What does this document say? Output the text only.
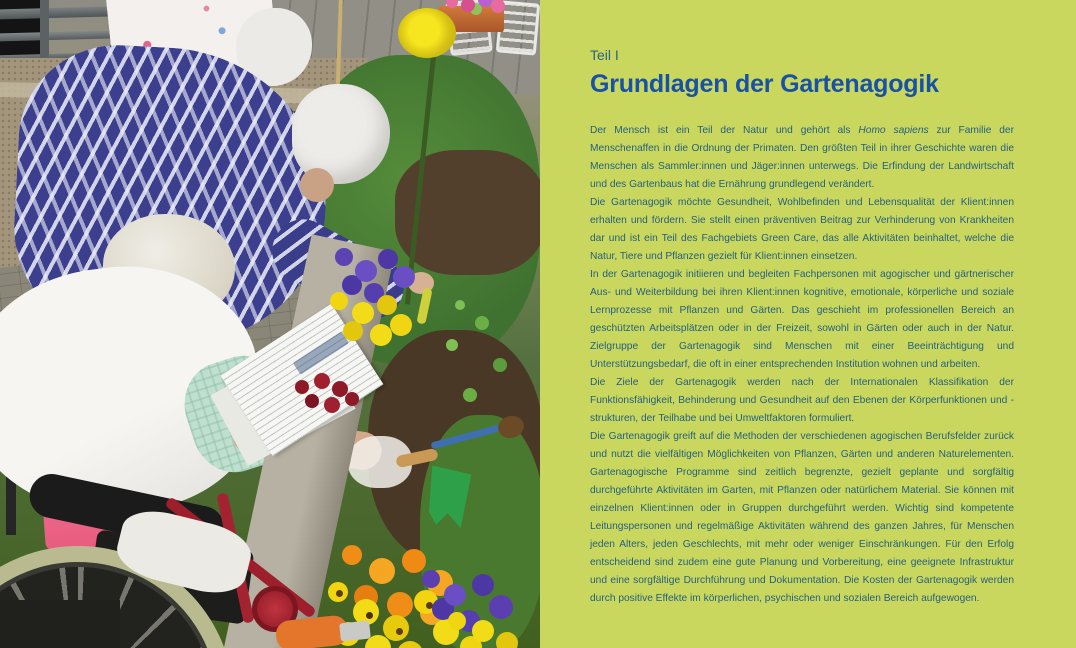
♥♥ ♥♥♥
Teil I
Grundlagen der Gartenagogik

Der Mensch ist ein Teil der Natur und gehört als Homo sapiens zur Familie der Menschenaffen in die Ordnung der Primaten. Den größten Teil in ihrer Geschichte waren die Menschen als Sammler:innen und Jäger:innen unterwegs. Die Erfindung der Landwirtschaft und des Gartenbaus hat die Ernährung grundlegend verändert.

Die Gartenagogik möchte Gesundheit, Wohlbefinden und Lebensqualität der Klient:innen erhalten und fördern. Sie stellt einen präventiven Beitrag zur Verhinderung von Krankheiten dar und ist ein Teil des Fachgebiets Green Care, das alle Aktivitäten beinhaltet, welche die Natur, Tiere und Pflanzen gezielt für Klient:innen einsetzen.

In der Gartenagogik initiieren und begleiten Fachpersonen mit agogischer und gärtnerischer Aus- und Weiterbildung bei ihren Klient:innen kognitive, emotionale, körperliche und soziale Lernprozesse mit Pflanzen und Gärten. Das geschieht im professionellen Bereich an geschützten Arbeitsplätzen oder in der Freizeit, sowohl in Gärten oder auch in der Natur. Zielgruppe der Gartenagogik sind Menschen mit einer Beeinträchtigung und Unterstützungsbedarf, die oft in einer entsprechenden Institution wohnen und arbeiten.

Die Ziele der Gartenagogik werden nach der Internationalen Klassifikation der Funktionsfähigkeit, Behinderung und Gesundheit auf den Ebenen der Körperfunktionen und -strukturen, der Teilhabe und bei Umweltfaktoren formuliert.

Die Gartenagogik greift auf die Methoden der verschiedenen agogischen Berufsfelder zurück und nutzt die vielfältigen Möglichkeiten von Pflanzen, Gärten und anderen Naturelementen. Gartenagogische Programme sind zeitlich begrenzte, gezielt geplante und sorgfältig durchgeführte Aktivitäten im Garten, mit Pflanzen oder natürlichem Material. Sie können mit einzelnen Klient:innen oder in Gruppen durchgeführt werden. Wichtig sind kompetente Leitungspersonen und regelmäßige Aktivitäten während des ganzen Jahres, für Menschen jeden Alters, jeden Geschlechts, mit mehr oder weniger Einschränkungen. Für den Erfolg entscheidend sind zudem eine gute Planung und Vorbereitung, eine geeignete Infrastruktur und eine sorgfältige Durchführung und Dokumentation. Die Kosten der Gartenagogik werden durch positive Effekte im körperlichen, psychischen und sozialen Bereich aufgewogen.
